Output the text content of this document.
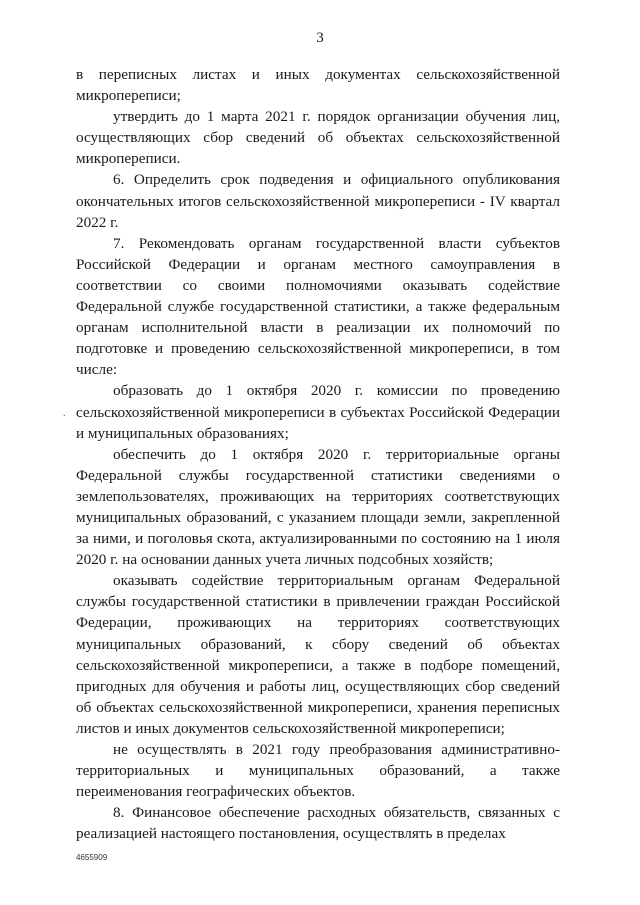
3
.

в переписных листах и иных документах сельскохозяйственной микропереписи;

утвердить до 1 марта 2021 г. порядок организации обучения лиц, осуществляющих сбор сведений об объектах сельскохозяйственной микропереписи.

6. Определить срок подведения и официального опубликования окончательных итогов сельскохозяйственной микропереписи - IV квартал 2022 г.

7. Рекомендовать органам государственной власти субъектов Российской Федерации и органам местного самоуправления в соответствии со своими полномочиями оказывать содействие Федеральной службе государственной статистики, а также федеральным органам исполнительной власти в реализации их полномочий по подготовке и проведению сельскохозяйственной микропереписи, в том числе:

образовать до 1 октября 2020 г. комиссии по проведению сельскохозяйственной микропереписи в субъектах Российской Федерации и муниципальных образованиях;

обеспечить до 1 октября 2020 г. территориальные органы Федеральной службы государственной статистики сведениями о землепользователях, проживающих на территориях соответствующих муниципальных образований, с указанием площади земли, закрепленной за ними, и поголовья скота, актуализированными по состоянию на 1 июля 2020 г. на основании данных учета личных подсобных хозяйств;

оказывать содействие территориальным органам Федеральной службы государственной статистики в привлечении граждан Российской Федерации, проживающих на территориях соответствующих муниципальных образований, к сбору сведений об объектах сельскохозяйственной микропереписи, а также в подборе помещений, пригодных для обучения и работы лиц, осуществляющих сбор сведений об объектах сельскохозяйственной микропереписи, хранения переписных листов и иных документов сельскохозяйственной микропереписи;

не осуществлять в 2021 году преобразования административно-территориальных и муниципальных образований, а также переименования географических объектов.

8. Финансовое обеспечение расходных обязательств, связанных с реализацией настоящего постановления, осуществлять в пределах

4655909
